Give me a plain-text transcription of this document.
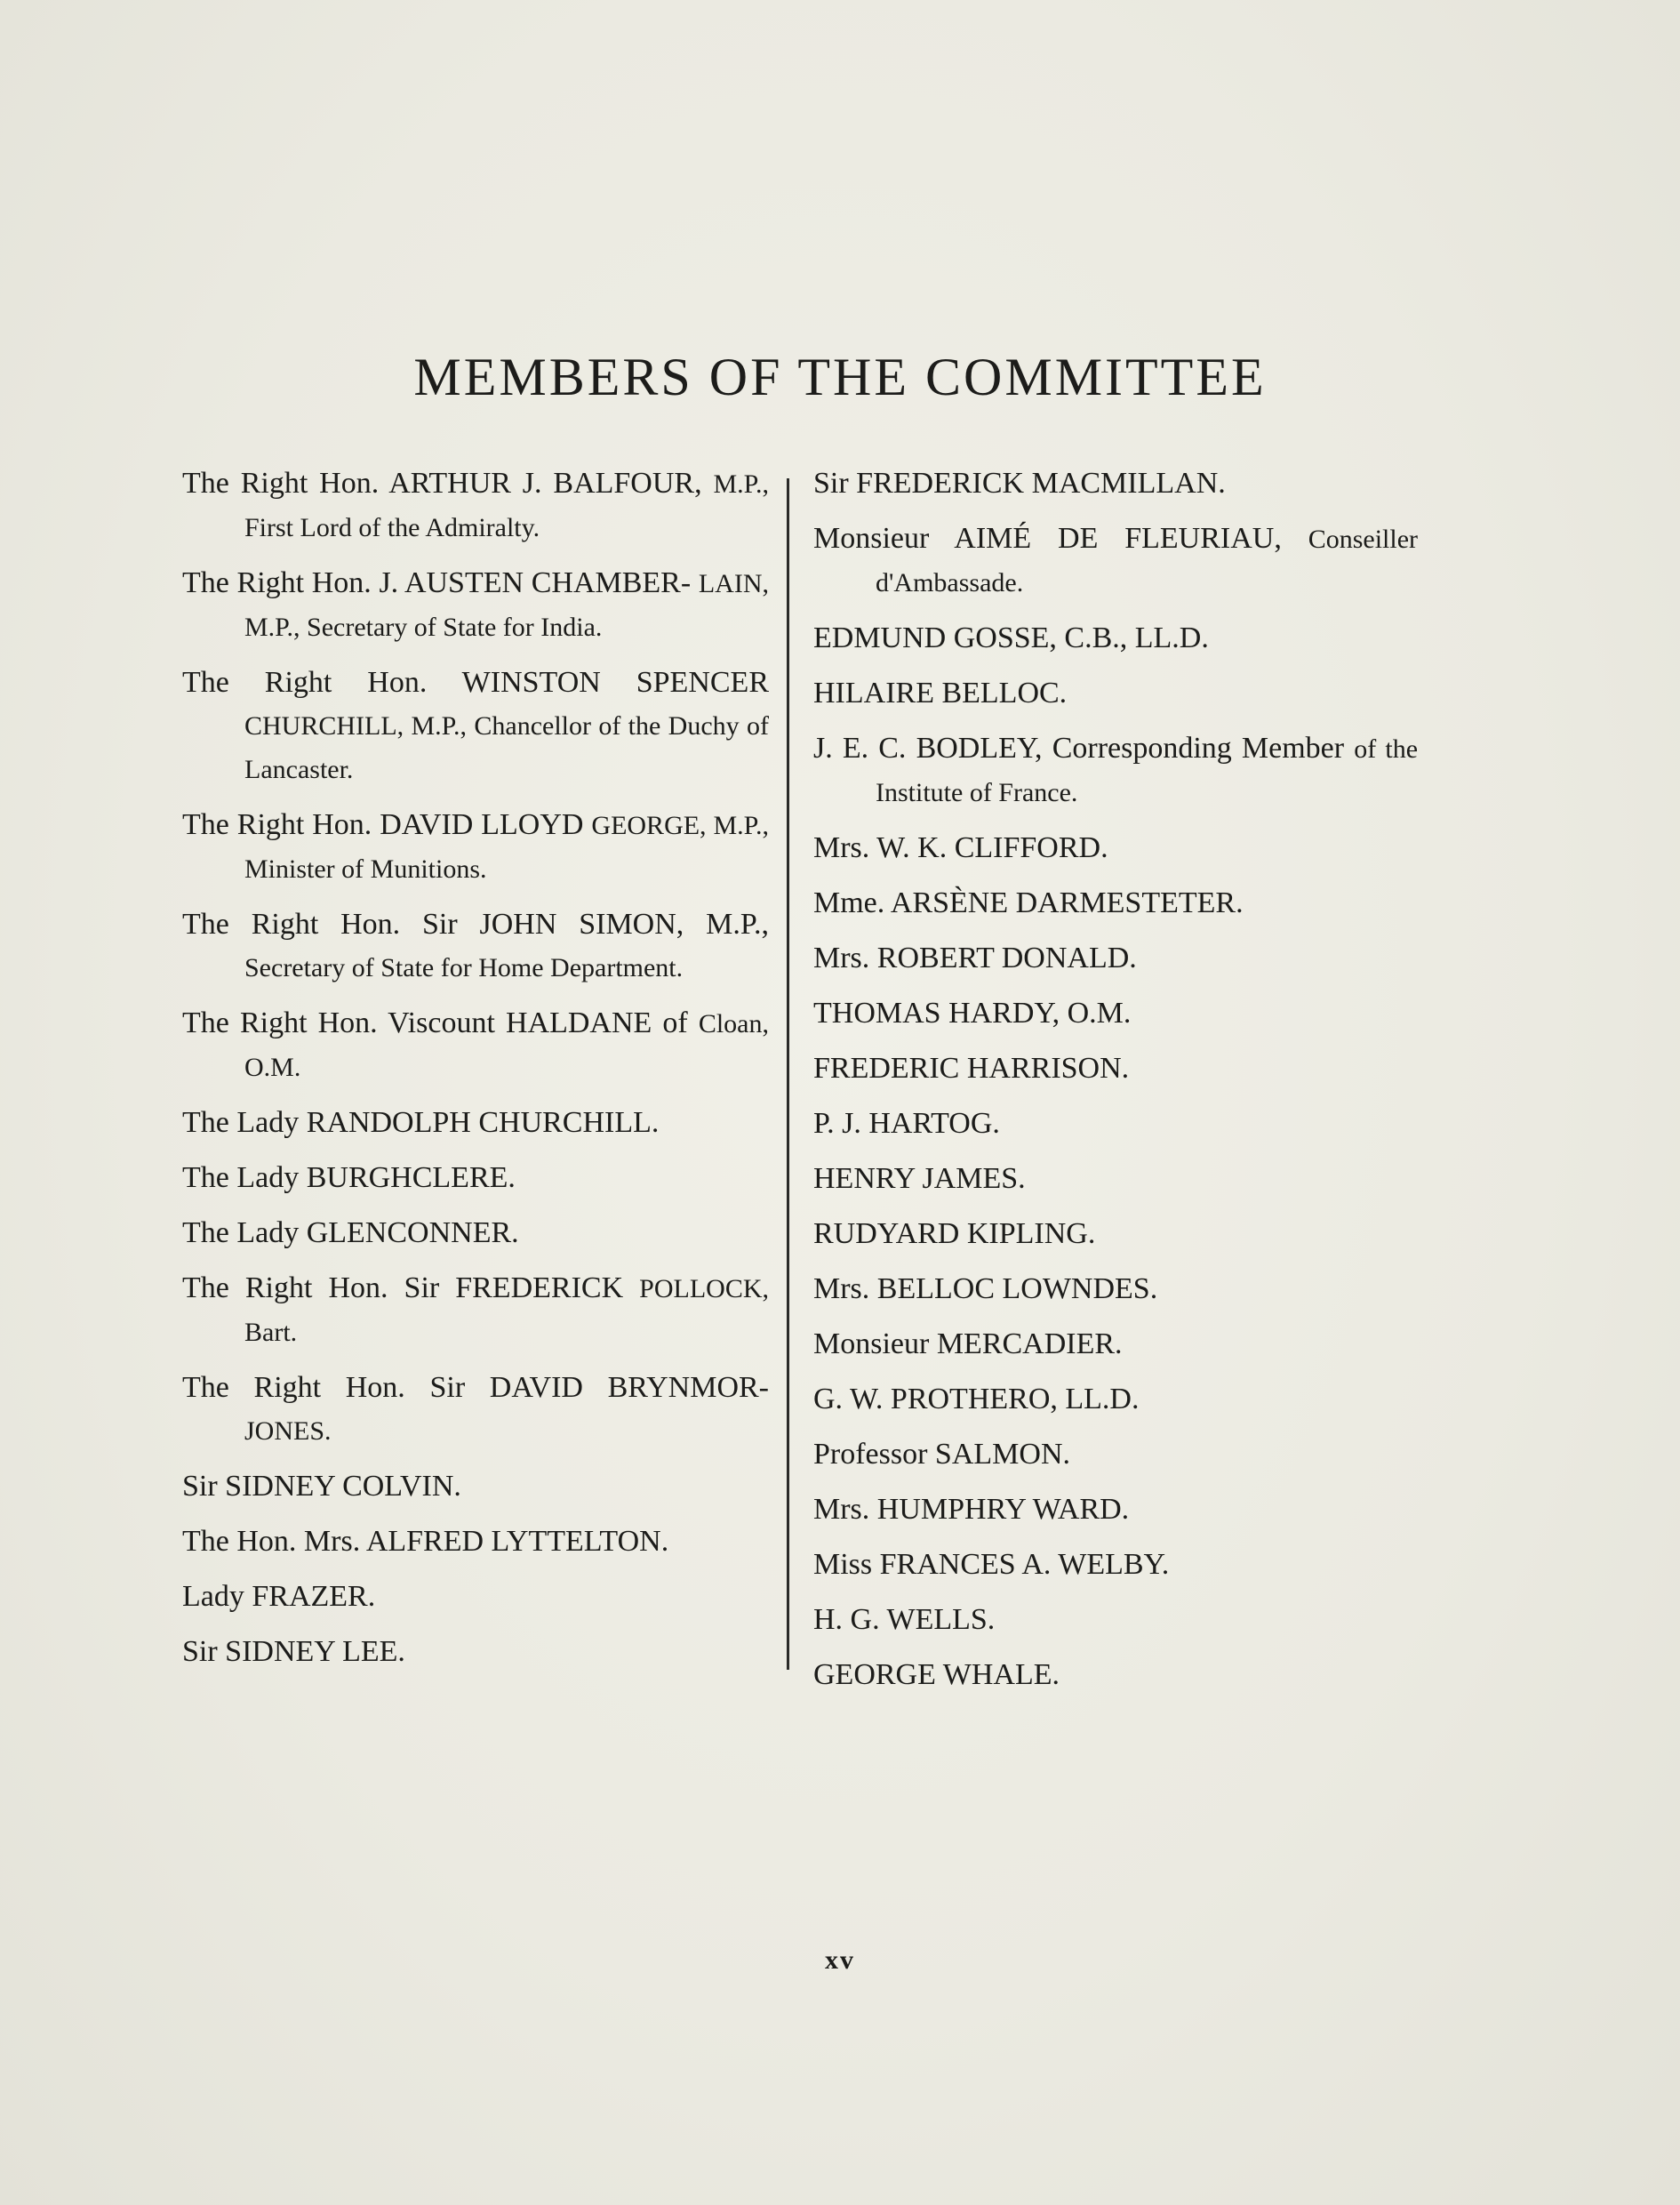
MEMBERS OF THE COMMITTEE

The Right Hon. ARTHUR J. BALFOUR, M.P., First Lord of the Admiralty.

The Right Hon. J. AUSTEN CHAMBER- LAIN, M.P., Secretary of State for India.

The Right Hon. WINSTON SPENCER CHURCHILL, M.P., Chancellor of the Duchy of Lancaster.

The Right Hon. DAVID LLOYD GEORGE, M.P., Minister of Munitions.

The Right Hon. Sir JOHN SIMON, M.P., Secretary of State for Home Department.

The Right Hon. Viscount HALDANE of Cloan, O.M.

The Lady RANDOLPH CHURCHILL.

The Lady BURGHCLERE.

The Lady GLENCONNER.

The Right Hon. Sir FREDERICK POLLOCK, Bart.

The Right Hon. Sir DAVID BRYNMOR- JONES.

Sir SIDNEY COLVIN.

The Hon. Mrs. ALFRED LYTTELTON.

Lady FRAZER.

Sir SIDNEY LEE.

Sir FREDERICK MACMILLAN.

Monsieur AIMÉ DE FLEURIAU, Conseiller d'Ambassade.

EDMUND GOSSE, C.B., LL.D.

HILAIRE BELLOC.

J. E. C. BODLEY, Corresponding Member of the Institute of France.

Mrs. W. K. CLIFFORD.

Mme. ARSÈNE DARMESTETER.

Mrs. ROBERT DONALD.

THOMAS HARDY, O.M.

FREDERIC HARRISON.

P. J. HARTOG.

HENRY JAMES.

RUDYARD KIPLING.

Mrs. BELLOC LOWNDES.

Monsieur MERCADIER.

G. W. PROTHERO, LL.D.

Professor SALMON.

Mrs. HUMPHRY WARD.

Miss FRANCES A. WELBY.

H. G. WELLS.

GEORGE WHALE.

xv
